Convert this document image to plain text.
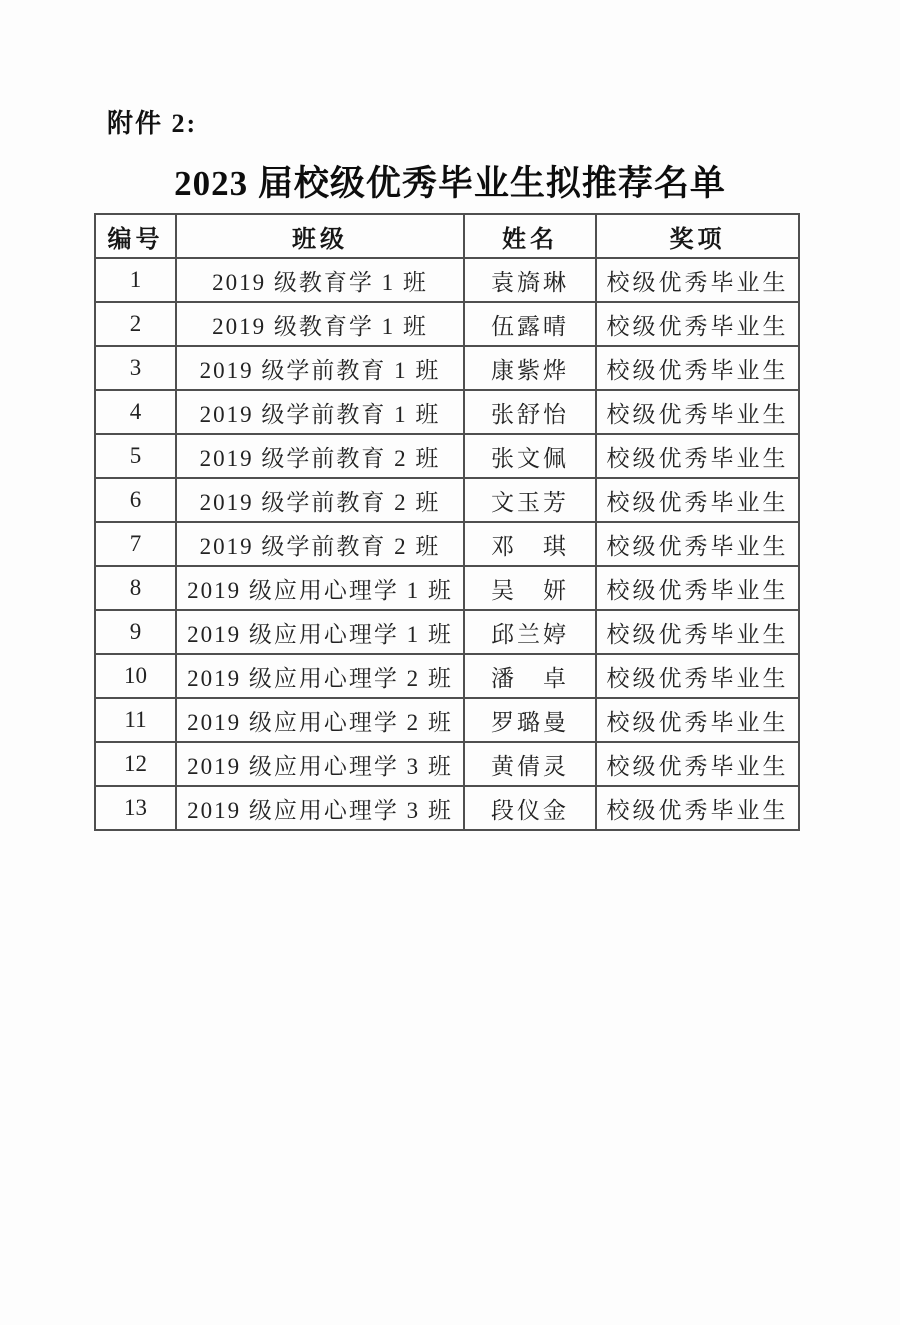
附件 2:
2023 届校级优秀毕业生拟推荐名单
编号	班级	姓名	奖项
1	2019 级教育学 1 班	袁旖琳	校级优秀毕业生
2	2019 级教育学 1 班	伍露晴	校级优秀毕业生
3	2019 级学前教育 1 班	康紫烨	校级优秀毕业生
4	2019 级学前教育 1 班	张舒怡	校级优秀毕业生
5	2019 级学前教育 2 班	张文佩	校级优秀毕业生
6	2019 级学前教育 2 班	文玉芳	校级优秀毕业生
7	2019 级学前教育 2 班	邓　琪	校级优秀毕业生
8	2019 级应用心理学 1 班	吴　妍	校级优秀毕业生
9	2019 级应用心理学 1 班	邱兰婷	校级优秀毕业生
10	2019 级应用心理学 2 班	潘　卓	校级优秀毕业生
11	2019 级应用心理学 2 班	罗璐曼	校级优秀毕业生
12	2019 级应用心理学 3 班	黄倩灵	校级优秀毕业生
13	2019 级应用心理学 3 班	段仪金	校级优秀毕业生
